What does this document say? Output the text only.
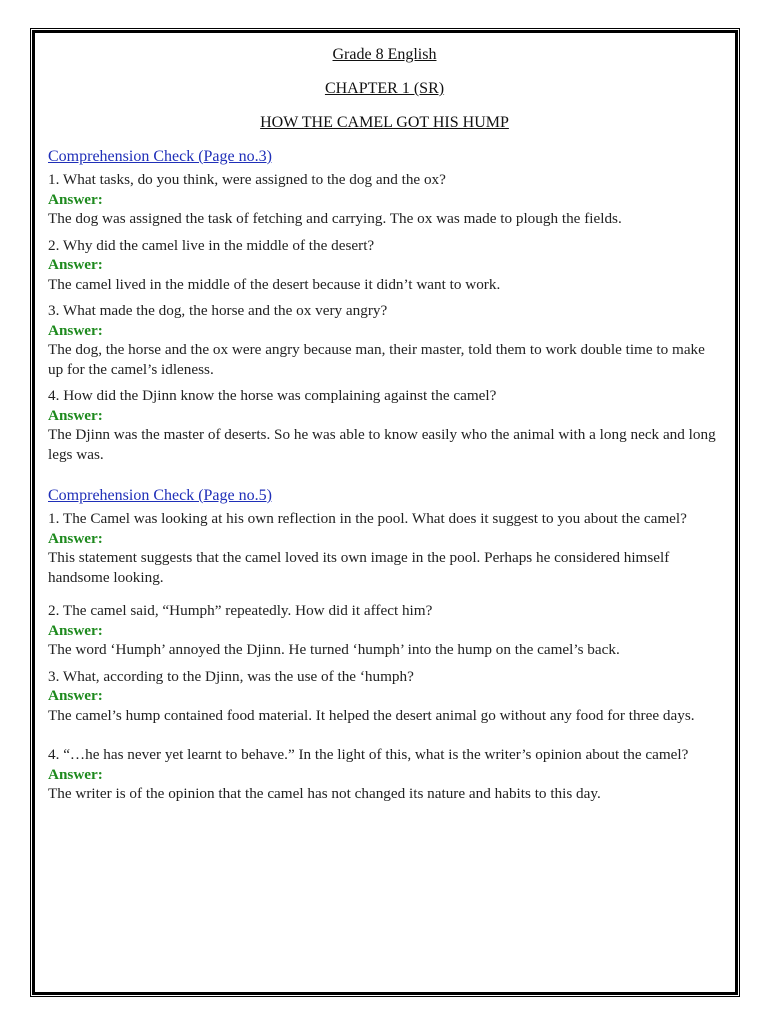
Grade 8 English
CHAPTER 1 (SR)
HOW THE CAMEL GOT HIS HUMP
Comprehension Check (Page no.3)
1. What tasks, do you think, were assigned to the dog and the ox?
Answer:
The dog was assigned the task of fetching and carrying. The ox was made to plough the fields.
2. Why did the camel live in the middle of the desert?
Answer:
The camel lived in the middle of the desert because it didn’t want to work.
3. What made the dog, the horse and the ox very angry?
Answer:
The dog, the horse and the ox were angry because man, their master, told them to work double time to make up for the camel’s idleness.
4. How did the Djinn know the horse was complaining against the camel?
Answer:
The Djinn was the master of deserts. So he was able to know easily who the animal with a long neck and long legs was.
Comprehension Check (Page no.5)
1. The Camel was looking at his own reflection in the pool. What does it suggest to you about the camel?
Answer:
This statement suggests that the camel loved its own image in the pool. Perhaps he considered himself handsome looking.
2. The camel said, “Humph” repeatedly. How did it affect him?
Answer:
The word ‘Humph’ annoyed the Djinn. He turned ‘humph’ into the hump on the camel’s back.
3. What, according to the Djinn, was the use of the ‘humph?
Answer:
The camel’s hump contained food material. It helped the desert animal go without any food for three days.
4. “…he has never yet learnt to behave.” In the light of this, what is the writer’s opinion about the camel?
Answer:
The writer is of the opinion that the camel has not changed its nature and habits to this day.
